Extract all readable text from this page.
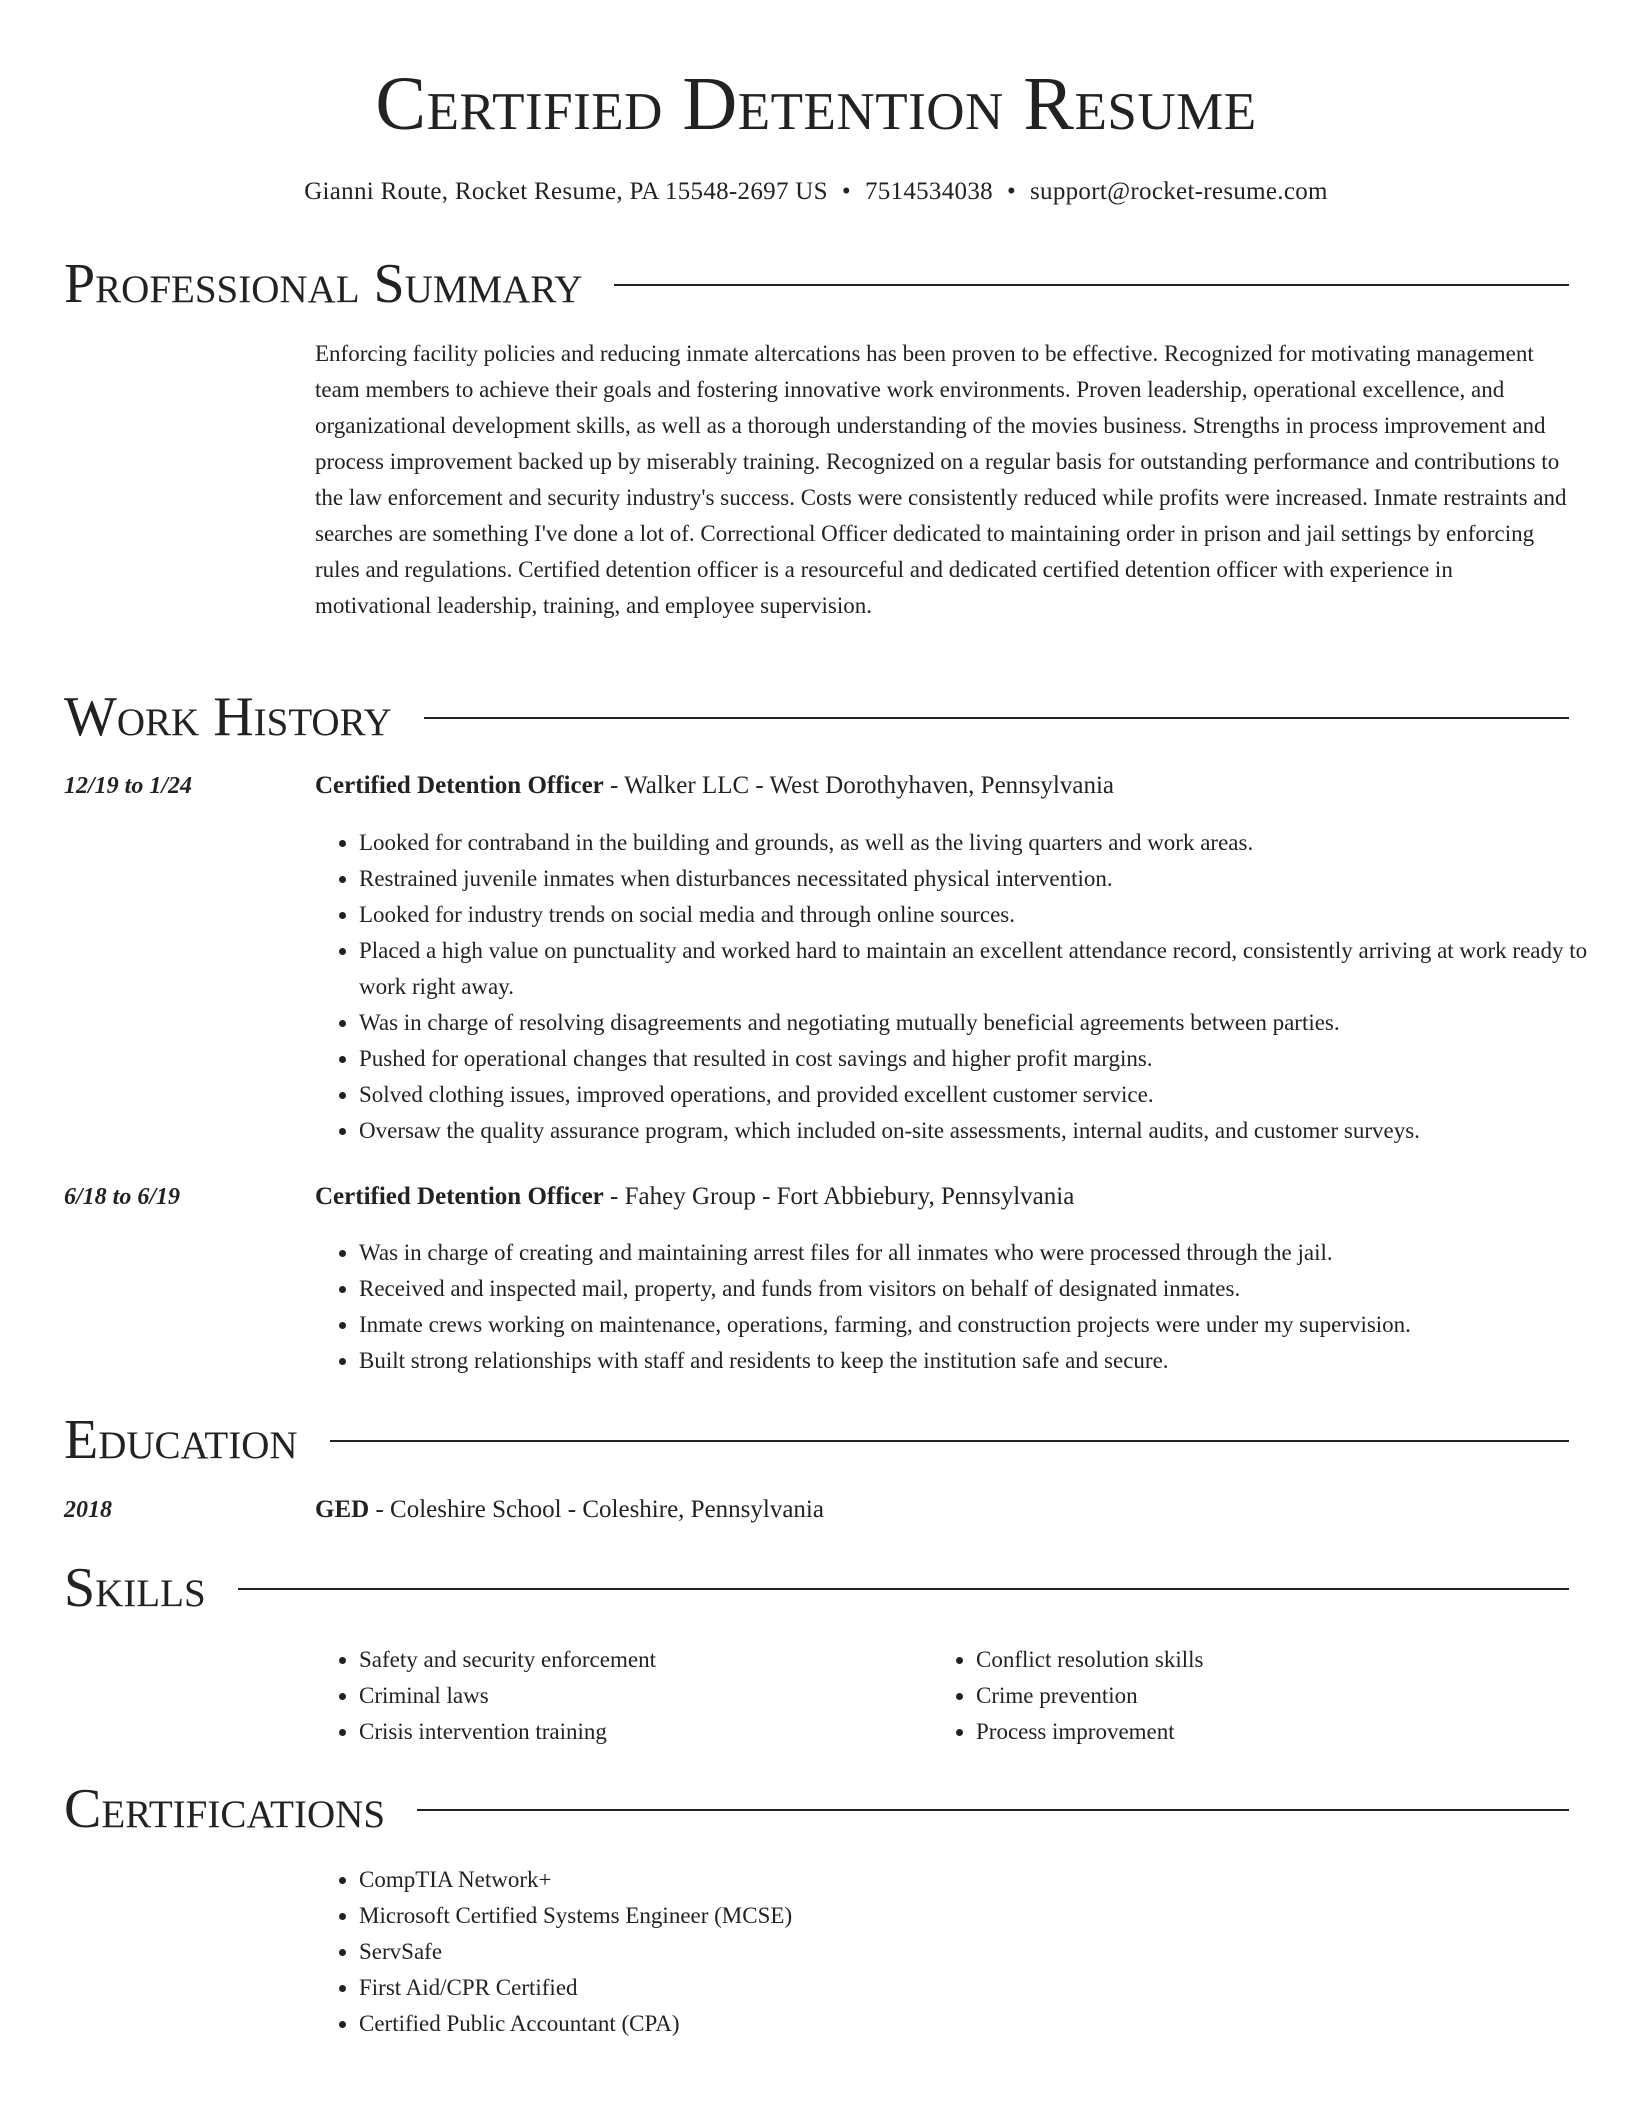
Certified Detention Resume
Gianni Route, Rocket Resume, PA 15548-2697 US • 7514534038 • support@rocket-resume.com
Professional Summary
Enforcing facility policies and reducing inmate altercations has been proven to be effective. Recognized for motivating management team members to achieve their goals and fostering innovative work environments. Proven leadership, operational excellence, and organizational development skills, as well as a thorough understanding of the movies business. Strengths in process improvement and process improvement backed up by miserably training. Recognized on a regular basis for outstanding performance and contributions to the law enforcement and security industry's success. Costs were consistently reduced while profits were increased. Inmate restraints and searches are something I've done a lot of. Correctional Officer dedicated to maintaining order in prison and jail settings by enforcing rules and regulations. Certified detention officer is a resourceful and dedicated certified detention officer with experience in motivational leadership, training, and employee supervision.
Work History
12/19 to 1/24	Certified Detention Officer - Walker LLC - West Dorothyhaven, Pennsylvania
• Looked for contraband in the building and grounds, as well as the living quarters and work areas.
• Restrained juvenile inmates when disturbances necessitated physical intervention.
• Looked for industry trends on social media and through online sources.
• Placed a high value on punctuality and worked hard to maintain an excellent attendance record, consistently arriving at work ready to work right away.
• Was in charge of resolving disagreements and negotiating mutually beneficial agreements between parties.
• Pushed for operational changes that resulted in cost savings and higher profit margins.
• Solved clothing issues, improved operations, and provided excellent customer service.
• Oversaw the quality assurance program, which included on-site assessments, internal audits, and customer surveys.
6/18 to 6/19	Certified Detention Officer - Fahey Group - Fort Abbiebury, Pennsylvania
• Was in charge of creating and maintaining arrest files for all inmates who were processed through the jail.
• Received and inspected mail, property, and funds from visitors on behalf of designated inmates.
• Inmate crews working on maintenance, operations, farming, and construction projects were under my supervision.
• Built strong relationships with staff and residents to keep the institution safe and secure.
Education
2018	GED - Coleshire School - Coleshire, Pennsylvania
Skills
• Safety and security enforcement
• Criminal laws
• Crisis intervention training
• Conflict resolution skills
• Crime prevention
• Process improvement
Certifications
• CompTIA Network+
• Microsoft Certified Systems Engineer (MCSE)
• ServSafe
• First Aid/CPR Certified
• Certified Public Accountant (CPA)
